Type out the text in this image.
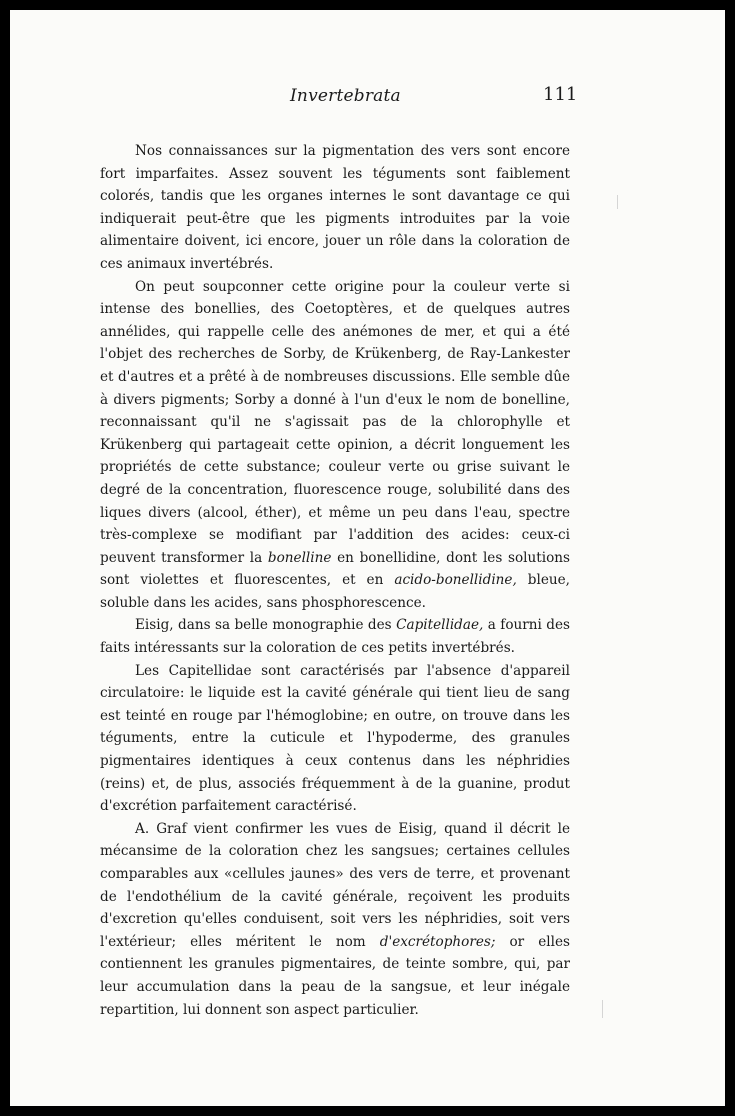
Invertebrata	111

Nos connaissances sur la pigmentation des vers sont encore fort imparfaites. Assez souvent les téguments sont faiblement colorés, tandis que les organes internes le sont davantage ce qui indiquerait peut-être que les pigments introduites par la voie alimentaire doivent, ici encore, jouer un rôle dans la coloration de ces animaux invertébrés.

On peut soupconner cette origine pour la couleur verte si intense des bonellies, des Coetoptères, et de quelques autres annélides, qui rappelle celle des anémones de mer, et qui a été l'objet des recherches de Sorby, de Krükenberg, de Ray-Lankester et d'autres et a prêté à de nombreuses discussions. Elle semble dûe à divers pigments; Sorby a donné à l'un d'eux le nom de bonelline, reconnaissant qu'il ne s'agissait pas de la chlorophylle et Krükenberg qui partageait cette opinion, a décrit longuement les propriétés de cette substance; couleur verte ou grise suivant le degré de la concentration, fluorescence rouge, solubilité dans des liques divers (alcool, éther), et même un peu dans l'eau, spectre très-complexe se modifiant par l'addition des acides: ceux-ci peuvent transformer la bonelline en bonellidine, dont les solutions sont violettes et fluorescentes, et en acido-bonellidine, bleue, soluble dans les acides, sans phosphorescence.

Eisig, dans sa belle monographie des Capitellidae, a fourni des faits intéressants sur la coloration de ces petits invertébrés.

Les Capitellidae sont caractérisés par l'absence d'appareil circulatoire: le liquide est la cavité générale qui tient lieu de sang est teinté en rouge par l'hémoglobine; en outre, on trouve dans les téguments, entre la cuticule et l'hypoderme, des granules pigmentaires identiques à ceux contenus dans les néphridies (reins) et, de plus, associés fréquemment à de la guanine, produt d'excrétion parfaitement caractérisé.

A. Graf vient confirmer les vues de Eisig, quand il décrit le mécansime de la coloration chez les sangsues; certaines cellules comparables aux «cellules jaunes» des vers de terre, et provenant de l'endothélium de la cavité générale, reçoivent les produits d'excretion qu'elles conduisent, soit vers les néphridies, soit vers l'extérieur; elles méritent le nom d'excrétophores; or elles contiennent les granules pigmentaires, de teinte sombre, qui, par leur accumulation dans la peau de la sangsue, et leur inégale repartition, lui donnent son aspect particulier.
